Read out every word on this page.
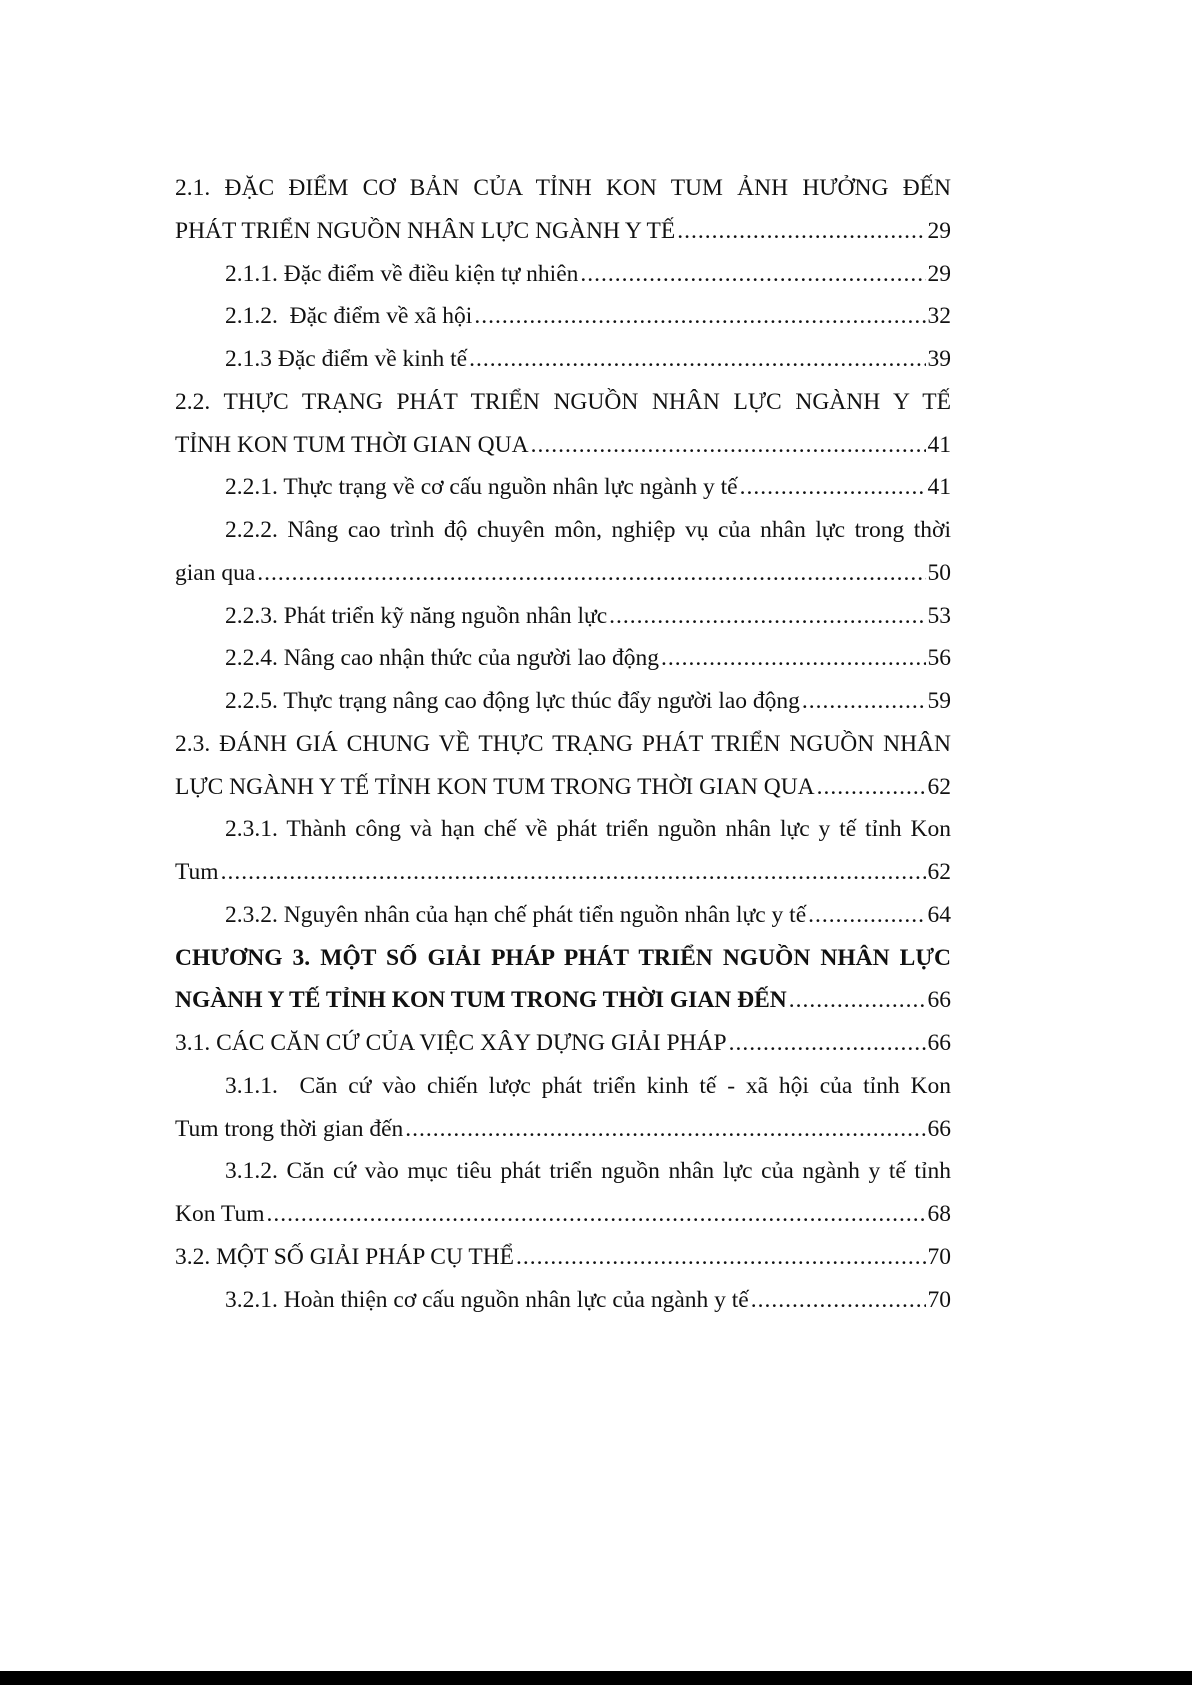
2.1. ĐẶC ĐIỂM CƠ BẢN CỦA TỈNH KON TUM ẢNH HƯỞNG ĐẾN
PHÁT TRIỂN NGUỒN NHÂN LỰC NGÀNH Y TẾ .....	29
2.1.1. Đặc điểm về điều kiện tự nhiên .....	29
2.1.2.  Đặc điểm về xã hội .....	32
2.1.3 Đặc điểm về kinh tế .....	39
2.2. THỰC TRẠNG PHÁT TRIỂN NGUỒN NHÂN LỰC NGÀNH Y TẾ
TỈNH KON TUM THỜI GIAN QUA .....	41
2.2.1. Thực trạng về cơ cấu nguồn nhân lực ngành y tế .....	41
2.2.2. Nâng cao trình độ chuyên môn, nghiệp vụ của nhân lực trong thời
gian qua .....	50
2.2.3. Phát triển kỹ năng nguồn nhân lực .....	53
2.2.4. Nâng cao nhận thức của người lao động .....	56
2.2.5. Thực trạng nâng cao động lực thúc đẩy người lao động .....	59
2.3. ĐÁNH GIÁ CHUNG VỀ THỰC TRẠNG PHÁT TRIỂN NGUỒN NHÂN
LỰC NGÀNH Y TẾ TỈNH KON TUM TRONG THỜI GIAN QUA .....	62
2.3.1. Thành công và hạn chế về phát triển nguồn nhân lực y tế tỉnh Kon
Tum .....	62
2.3.2. Nguyên nhân của hạn chế phát tiển nguồn nhân lực y tế .....	64
CHƯƠNG 3. MỘT SỐ GIẢI PHÁP PHÁT TRIỂN NGUỒN NHÂN LỰC
NGÀNH Y TẾ TỈNH KON TUM TRONG THỜI GIAN ĐẾN .....	66
3.1. CÁC CĂN CỨ CỦA VIỆC XÂY DỰNG GIẢI PHÁP .....	66
3.1.1.  Căn cứ vào chiến lược phát triển kinh tế - xã hội của tỉnh Kon
Tum trong thời gian đến .....	66
3.1.2. Căn cứ vào mục tiêu phát triển nguồn nhân lực của ngành y tế tỉnh
Kon Tum .....	68
3.2. MỘT SỐ GIẢI PHÁP CỤ THỂ .....	70
3.2.1. Hoàn thiện cơ cấu nguồn nhân lực của ngành y tế .....	70
